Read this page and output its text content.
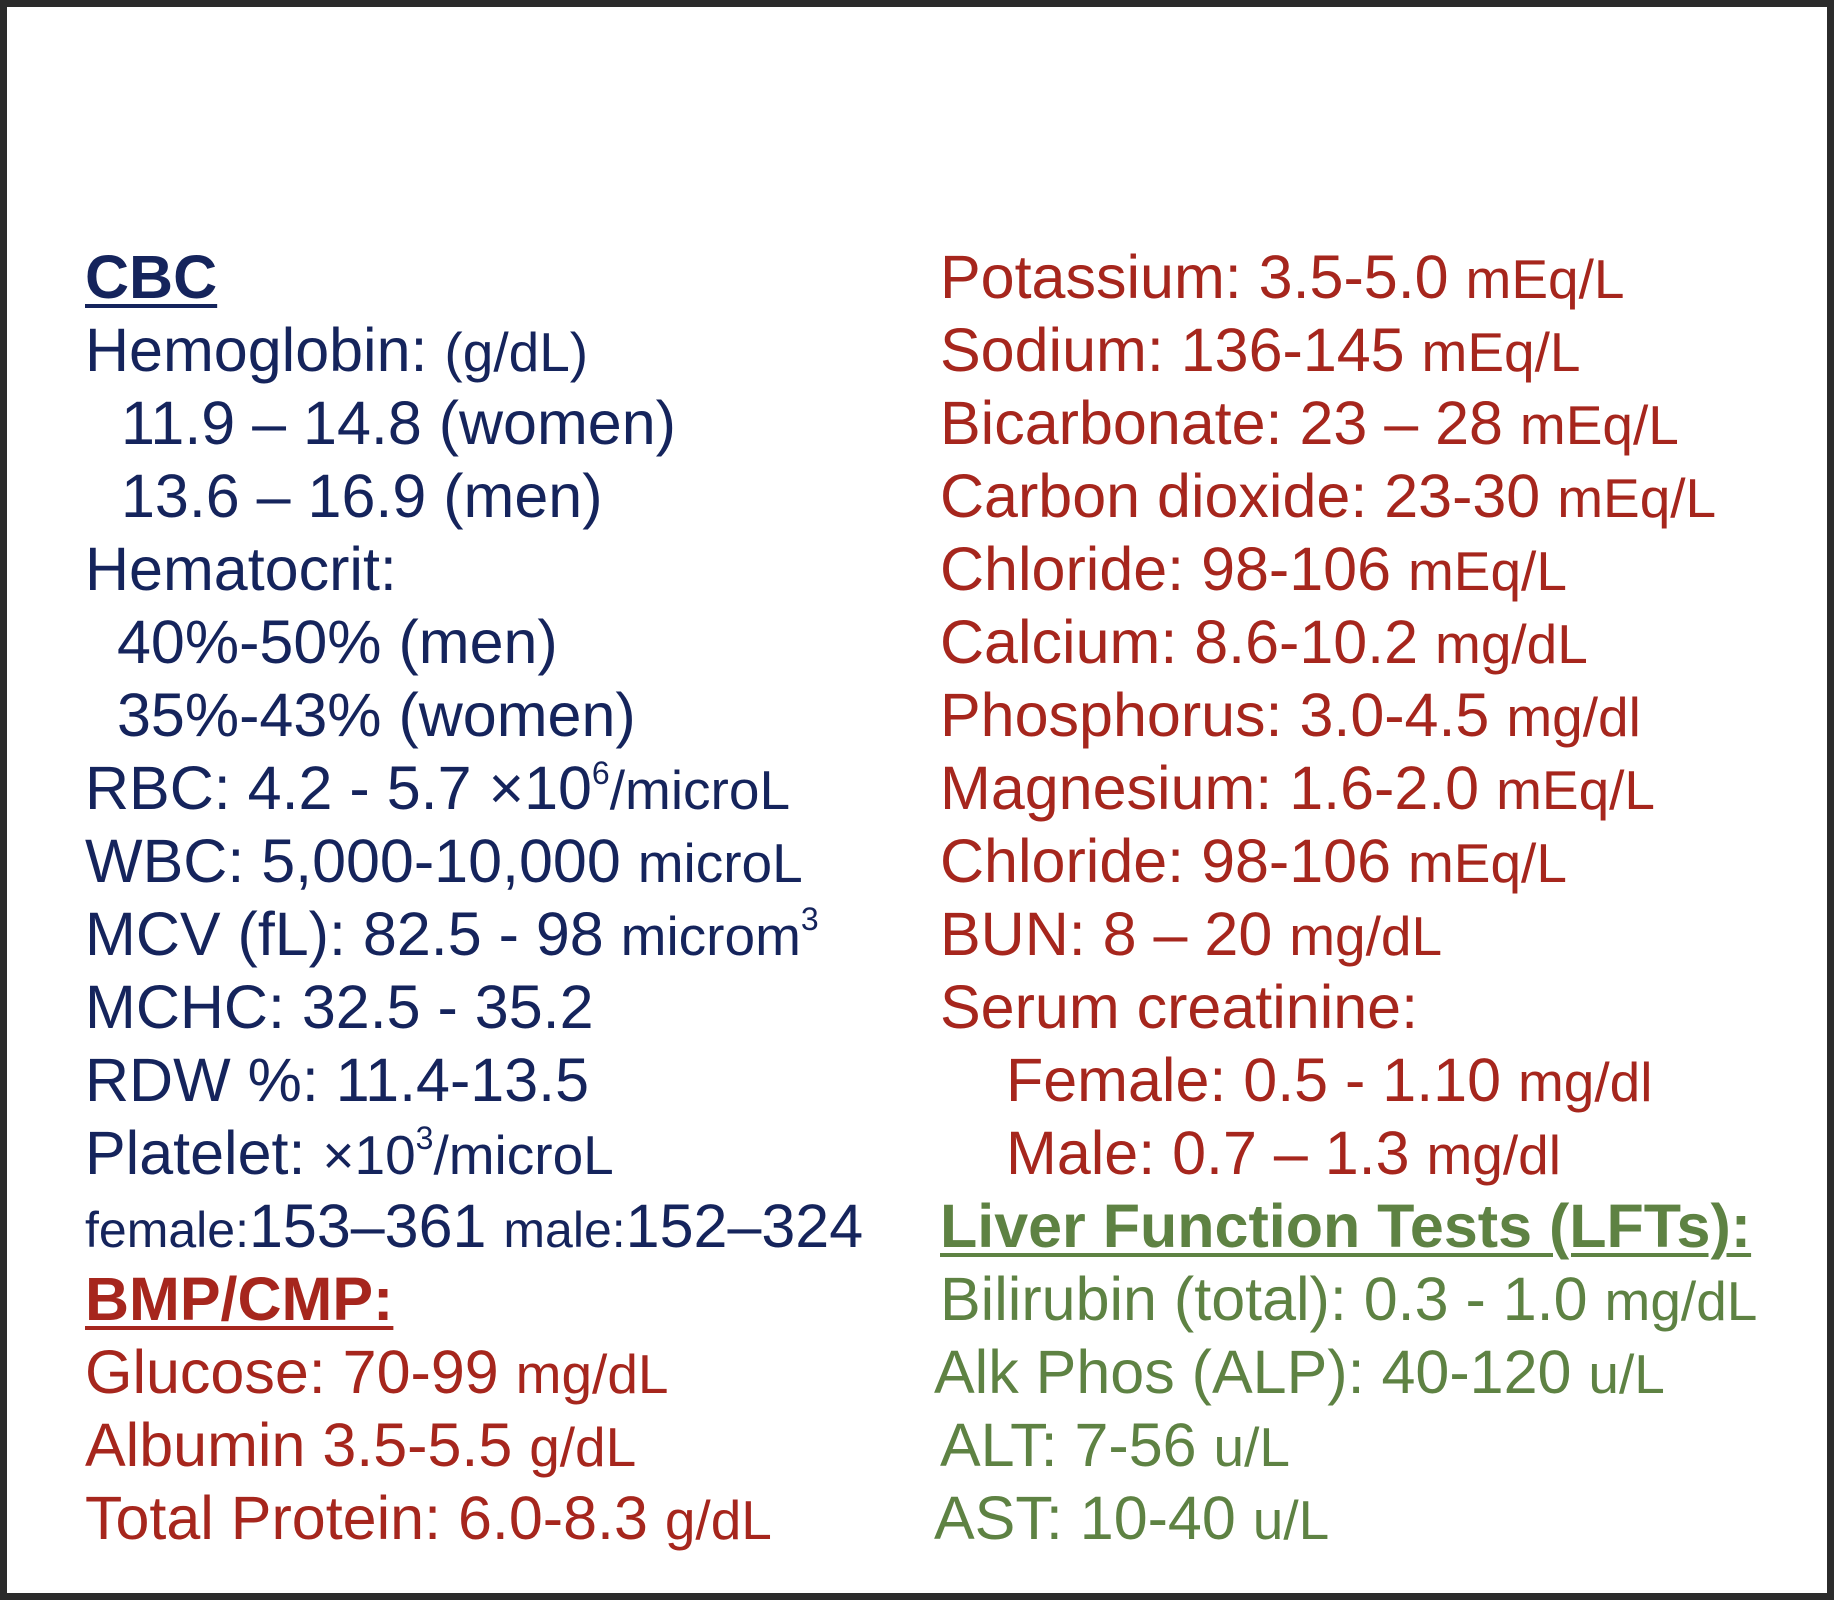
CBC
Hemoglobin: (g/dL)
11.9 – 14.8 (women)
13.6 – 16.9 (men)
Hematocrit:
40%-50% (men)
35%-43% (women)
RBC: $4.2 - 5.7 \times 10^6$/microL
WBC: 5,000-10,000 microL
MCV (fL): 82.5 - 98 microm$^3$
MCHC: 32.5 - 35.2
RDW %: 11.4-13.5
Platelet: $\times 10^3$/microL
female:153–361 male:152–324
BMP/CMP:
Glucose: 70-99 mg/dL
Albumin 3.5-5.5 g/dL
Total Protein: 6.0-8.3 g/dL
Potassium: 3.5-5.0 mEq/L
Sodium: 136-145 mEq/L
Bicarbonate: 23 – 28 mEq/L
Carbon dioxide: 23-30 mEq/L
Chloride: 98-106 mEq/L
Calcium: 8.6-10.2 mg/dL
Phosphorus: 3.0-4.5 mg/dl
Magnesium: 1.6-2.0 mEq/L
Chloride: 98-106 mEq/L
BUN: 8 – 20 mg/dL
Serum creatinine:
Female: 0.5 - 1.10 mg/dl
Male: 0.7 – 1.3 mg/dl
Liver Function Tests (LFTs):
Bilirubin (total): 0.3 - 1.0 mg/dL
Alk Phos (ALP): 40-120 u/L
ALT: 7-56 u/L
AST: 10-40 u/L
